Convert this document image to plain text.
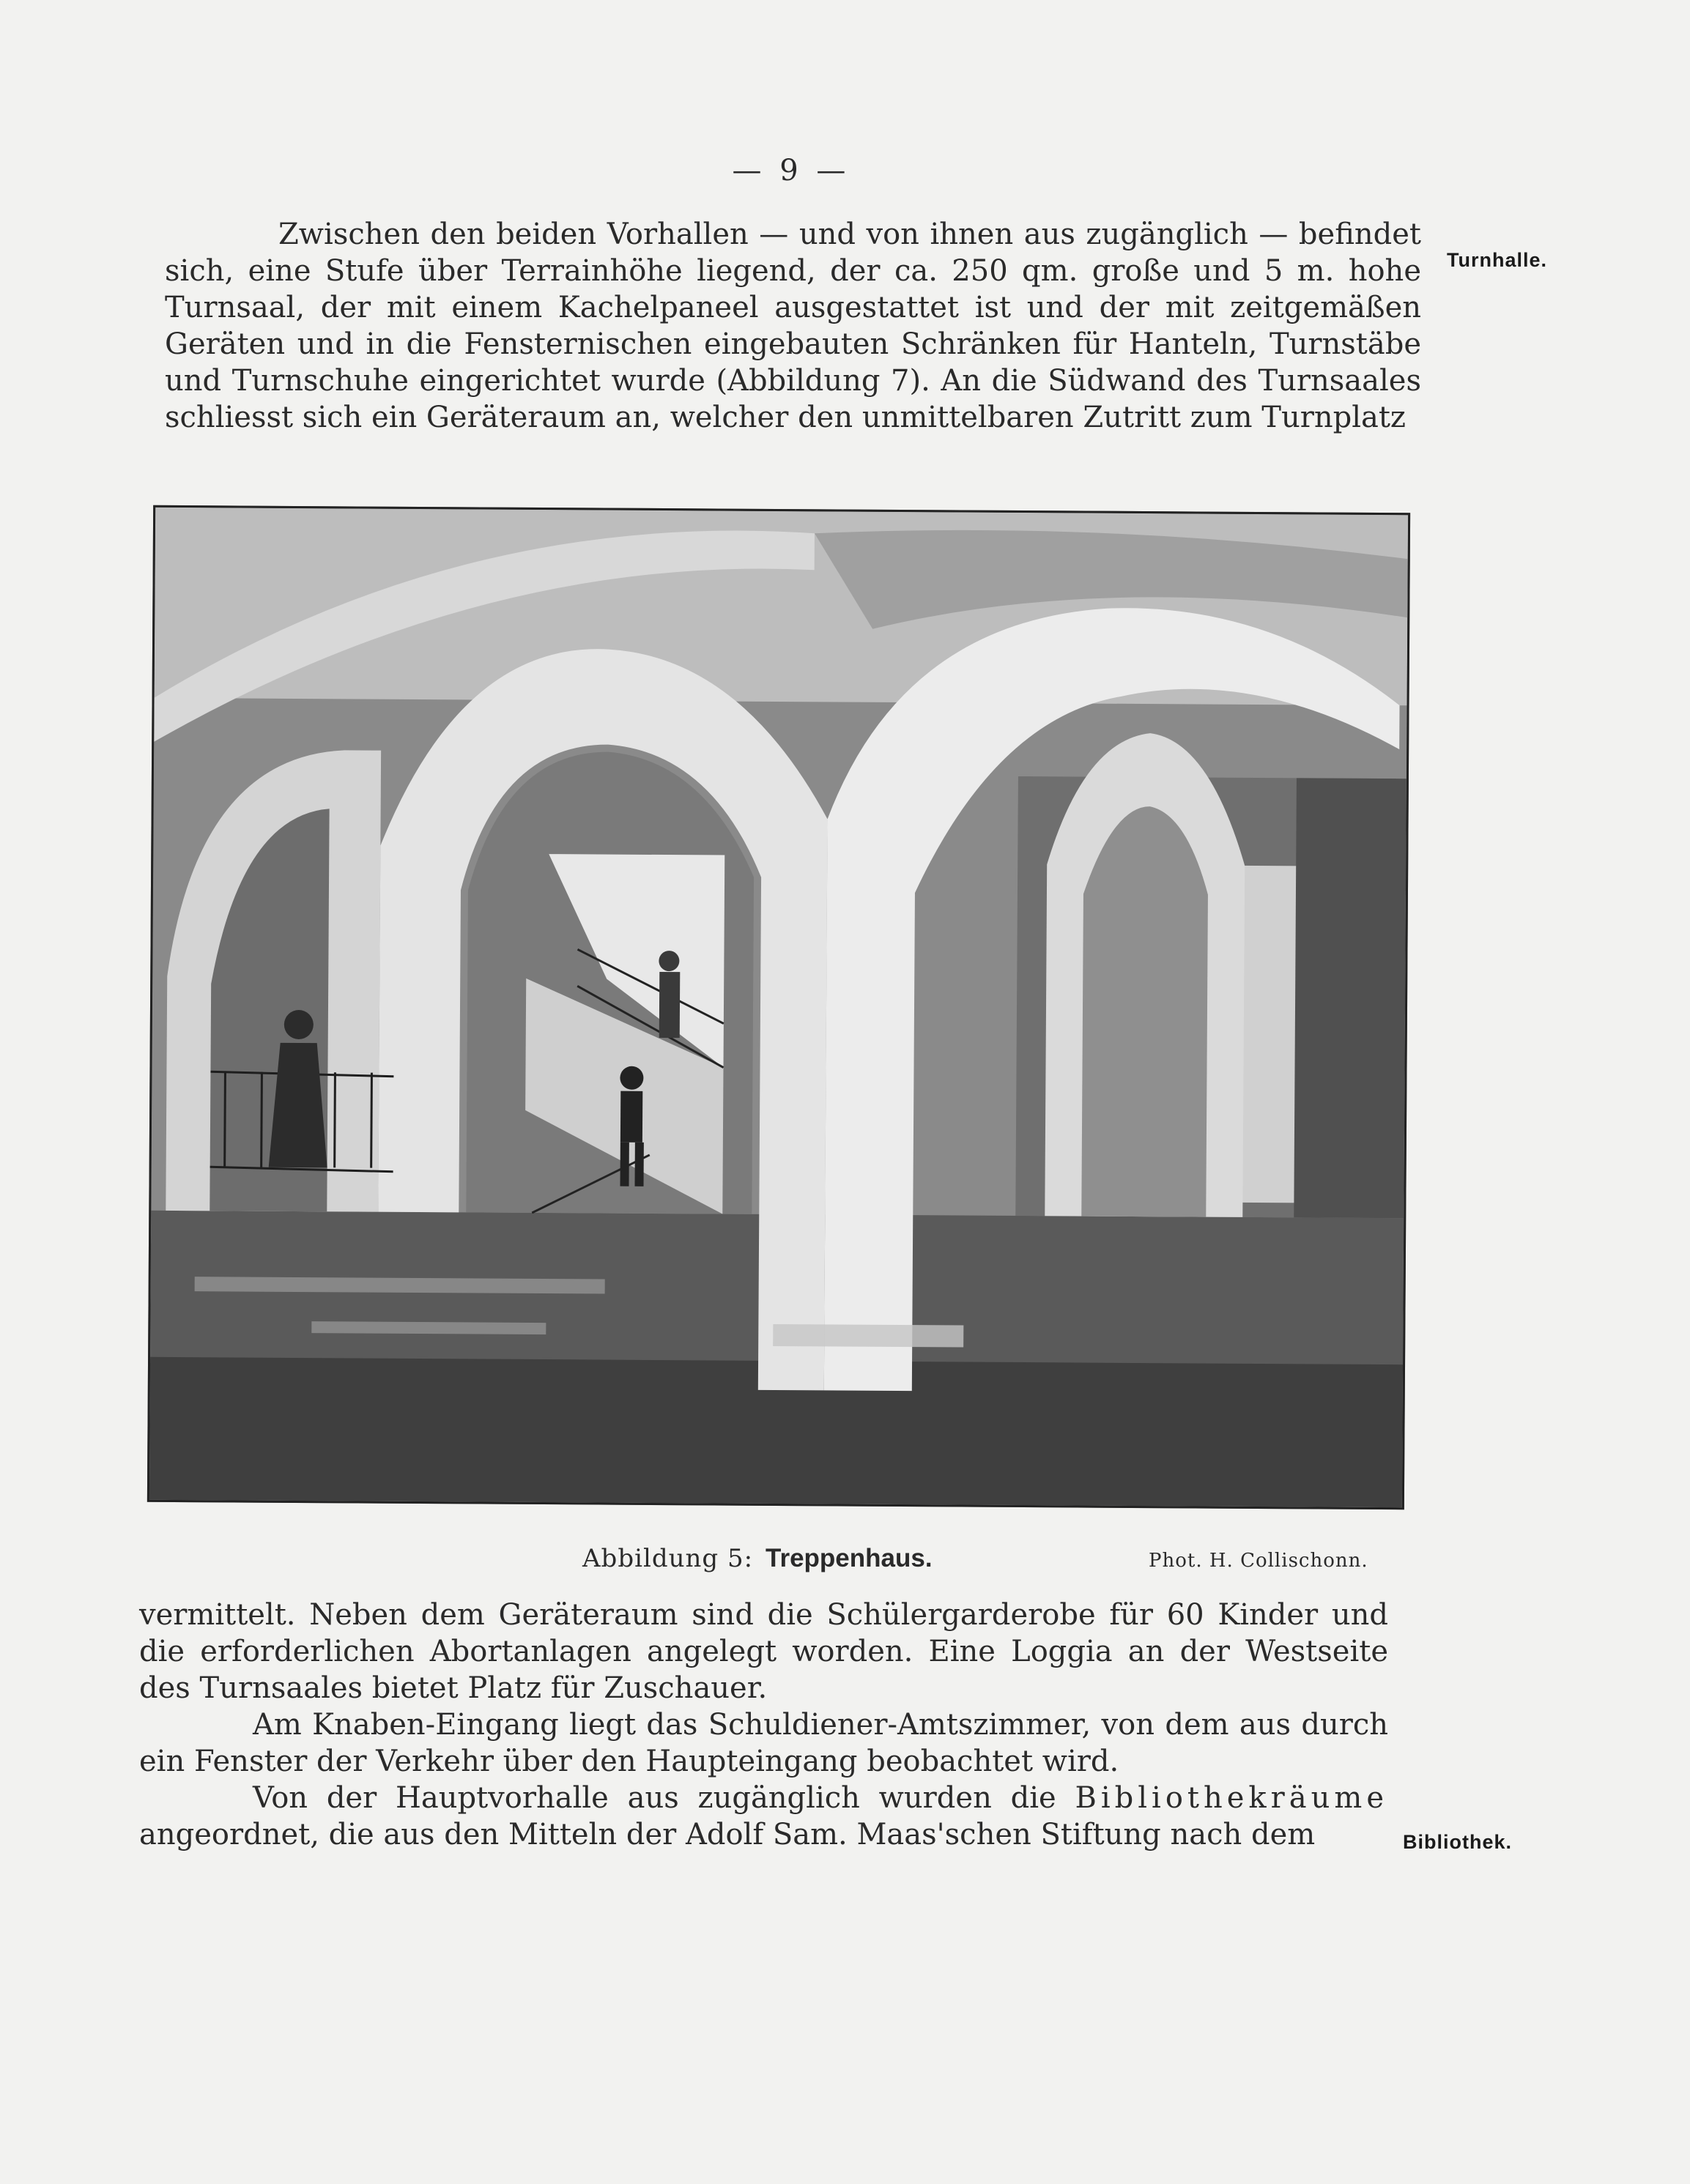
— 9 —

Zwischen den beiden Vorhallen — und von ihnen aus zugänglich — befindet sich, eine Stufe über Terrainhöhe liegend, der ca. 250 qm. große und 5 m. hohe Turnsaal, der mit einem Kachelpaneel ausgestattet ist und der mit zeitgemäßen Geräten und in die Fensternischen eingebauten Schränken für Hanteln, Turnstäbe und Turnschuhe eingerichtet wurde (Abbildung 7). An die Südwand des Turnsaales schliesst sich ein Geräteraum an, welcher den unmittelbaren Zutritt zum Turnplatz

Turnhalle.
Abbildung 5: Treppenhaus.	Phot. H. Collischonn.

vermittelt. Neben dem Geräteraum sind die Schülergarderobe für 60 Kinder und die erforderlichen Abortanlagen angelegt worden. Eine Loggia an der Westseite des Turnsaales bietet Platz für Zuschauer.

Am Knaben-Eingang liegt das Schuldiener-Amtszimmer, von dem aus durch ein Fenster der Verkehr über den Haupteingang beobachtet wird.

Von der Hauptvorhalle aus zugänglich wurden die Bibliothekräume angeordnet, die aus den Mitteln der Adolf Sam. Maas'schen Stiftung nach dem	Bibliothek.
